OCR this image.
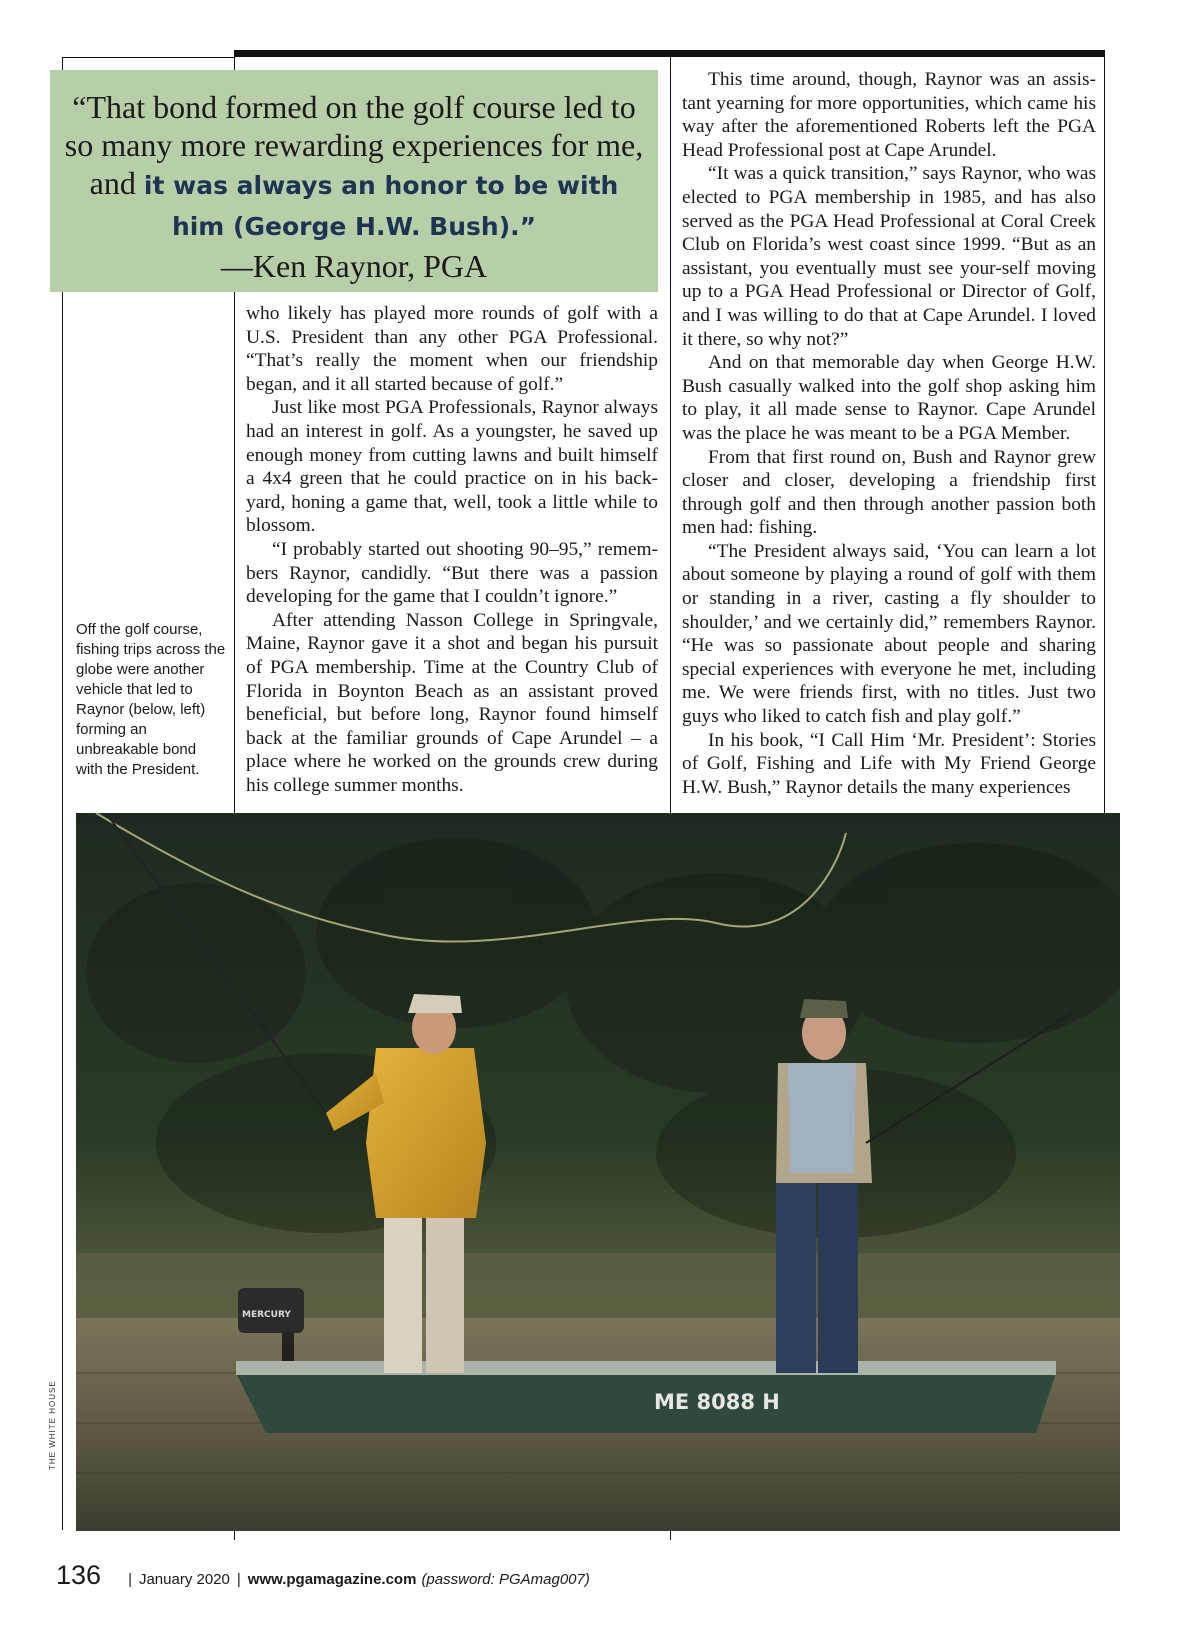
“That bond formed on the golf course led to so many more rewarding experiences for me, and it was always an honor to be with him (George H.W. Bush).”

—Ken Raynor, PGA

who likely has played more rounds of golf with a U.S. President than any other PGA Professional. “That’s really the moment when our friendship began, and it all started because of golf.”

Just like most PGA Professionals, Raynor always had an interest in golf. As a youngster, he saved up enough money from cutting lawns and built himself a 4x4 green that he could practice on in his back-yard, honing a game that, well, took a little while to blossom.

“I probably started out shooting 90–95,” remem-bers Raynor, candidly. “But there was a passion developing for the game that I couldn’t ignore.”

After attending Nasson College in Springvale, Maine, Raynor gave it a shot and began his pursuit of PGA membership. Time at the Country Club of Florida in Boynton Beach as an assistant proved beneficial, but before long, Raynor found himself back at the familiar grounds of Cape Arundel – a place where he worked on the grounds crew during his college summer months.

This time around, though, Raynor was an assis-tant yearning for more opportunities, which came his way after the aforementioned Roberts left the PGA Head Professional post at Cape Arundel.

“It was a quick transition,” says Raynor, who was elected to PGA membership in 1985, and has also served as the PGA Head Professional at Coral Creek Club on Florida’s west coast since 1999. “But as an assistant, you eventually must see your-self moving up to a PGA Head Professional or Director of Golf, and I was willing to do that at Cape Arundel. I loved it there, so why not?”

And on that memorable day when George H.W. Bush casually walked into the golf shop asking him to play, it all made sense to Raynor. Cape Arundel was the place he was meant to be a PGA Member.

From that first round on, Bush and Raynor grew closer and closer, developing a friendship first through golf and then through another passion both men had: fishing.

“The President always said, ‘You can learn a lot about someone by playing a round of golf with them or standing in a river, casting a fly shoulder to shoulder,’ and we certainly did,” remembers Raynor. “He was so passionate about people and sharing special experiences with everyone he met, including me. We were friends first, with no titles. Just two guys who liked to catch fish and play golf.”

In his book, “I Call Him ‘Mr. President’: Stories of Golf, Fishing and Life with My Friend George H.W. Bush,” Raynor details the many experiences

Off the golf course, fishing trips across the globe were another vehicle that led to Raynor (below, left) forming an unbreakable bond with the President.
ME 8088 H
MERCURY
THE WHITE HOUSE
136 | January 2020 | www.pgamagazine.com (password: PGAmag007)
